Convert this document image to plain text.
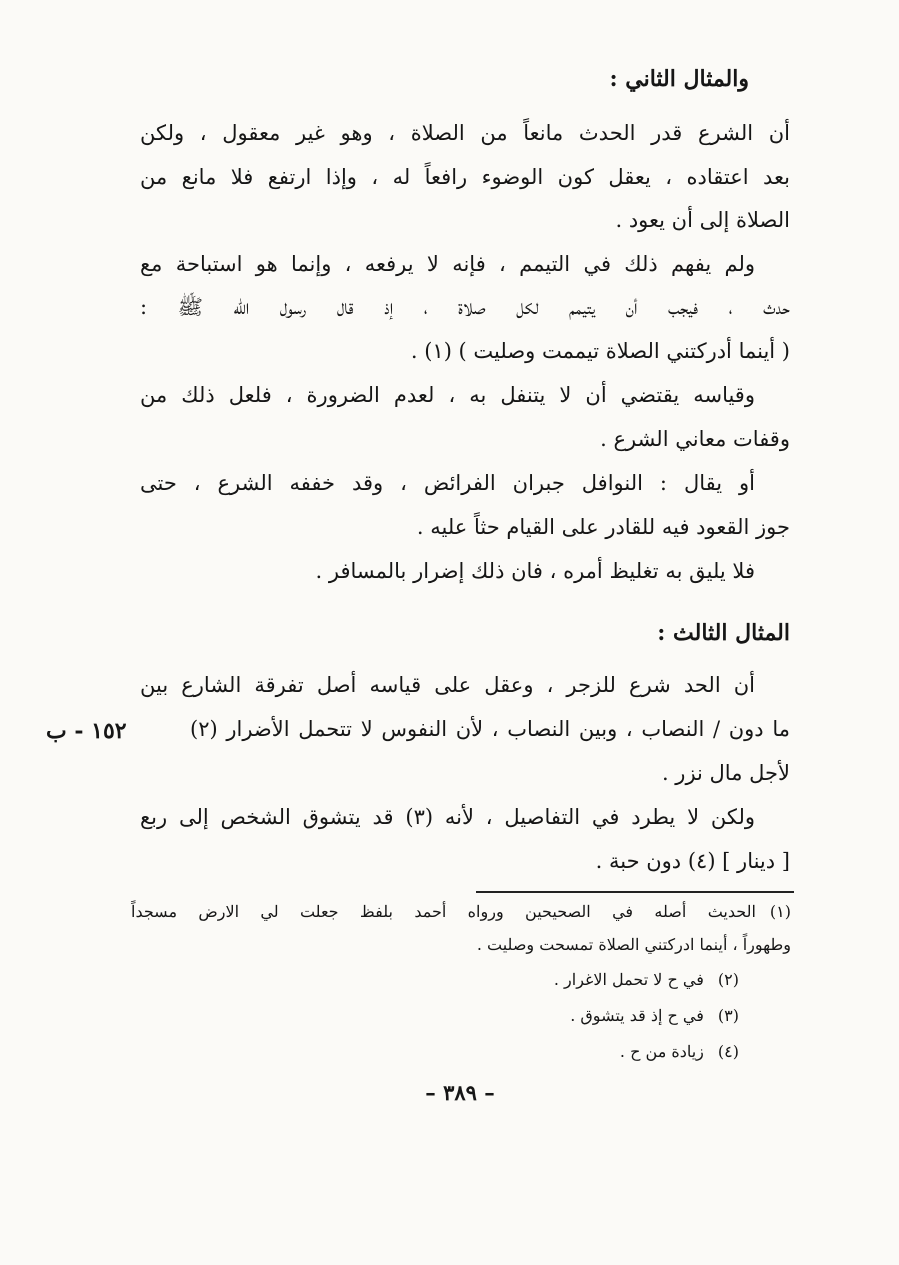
والمثال الثاني :
أن الشرع قدر الحدث مانعاً من الصلاة ، وهو غير معقول ، ولكن
بعد اعتقاده ، يعقل كون الوضوء رافعاً له ، وإذا ارتفع فلا مانع من
الصلاة إلى أن يعود .
ولم يفهم ذلك في التيمم ، فإنه لا يرفعه ، وإنما هو استباحة مع
حدث ، فيجب أن يتيمم لكل صلاة ، إذ قال رسول الله ﷺ :
( أينما أدركتني الصلاة تيممت وصليت ) (١) .
وقياسه يقتضي أن لا يتنفل به ، لعدم الضرورة ، فلعل ذلك من
وقفات معاني الشرع .
أو يقال : النوافل جبران الفرائض ، وقد خففه الشرع ، حتى
جوز القعود فيه للقادر على القيام حثاً عليه .
فلا يليق به تغليظ أمره ، فان ذلك إضرار بالمسافر .
المثال الثالث :
أن الحد شرع للزجر ، وعقل على قياسه أصل تفرقة الشارع بين
ما دون / النصاب ، وبين النصاب ، لأن النفوس لا تتحمل الأضرار (٢)
لأجل مال نزر .
١٥٢ - ب
ولكن لا يطرد في التفاصيل ، لأنه (٣) قد يتشوق الشخص إلى ربع
[ دينار ] (٤) دون حبة .
(١)الحديث أصله في الصحيحين ورواه أحمد بلفظ جعلت لي الارض مسجداً
وطهوراً ، أينما ادركتني الصلاة تمسحت وصليت .
(٢)في ح لا تحمل الاغرار .
(٣)في ح إذ قد يتشوق .
(٤)زيادة من ح .
– ٣٨٩ –
